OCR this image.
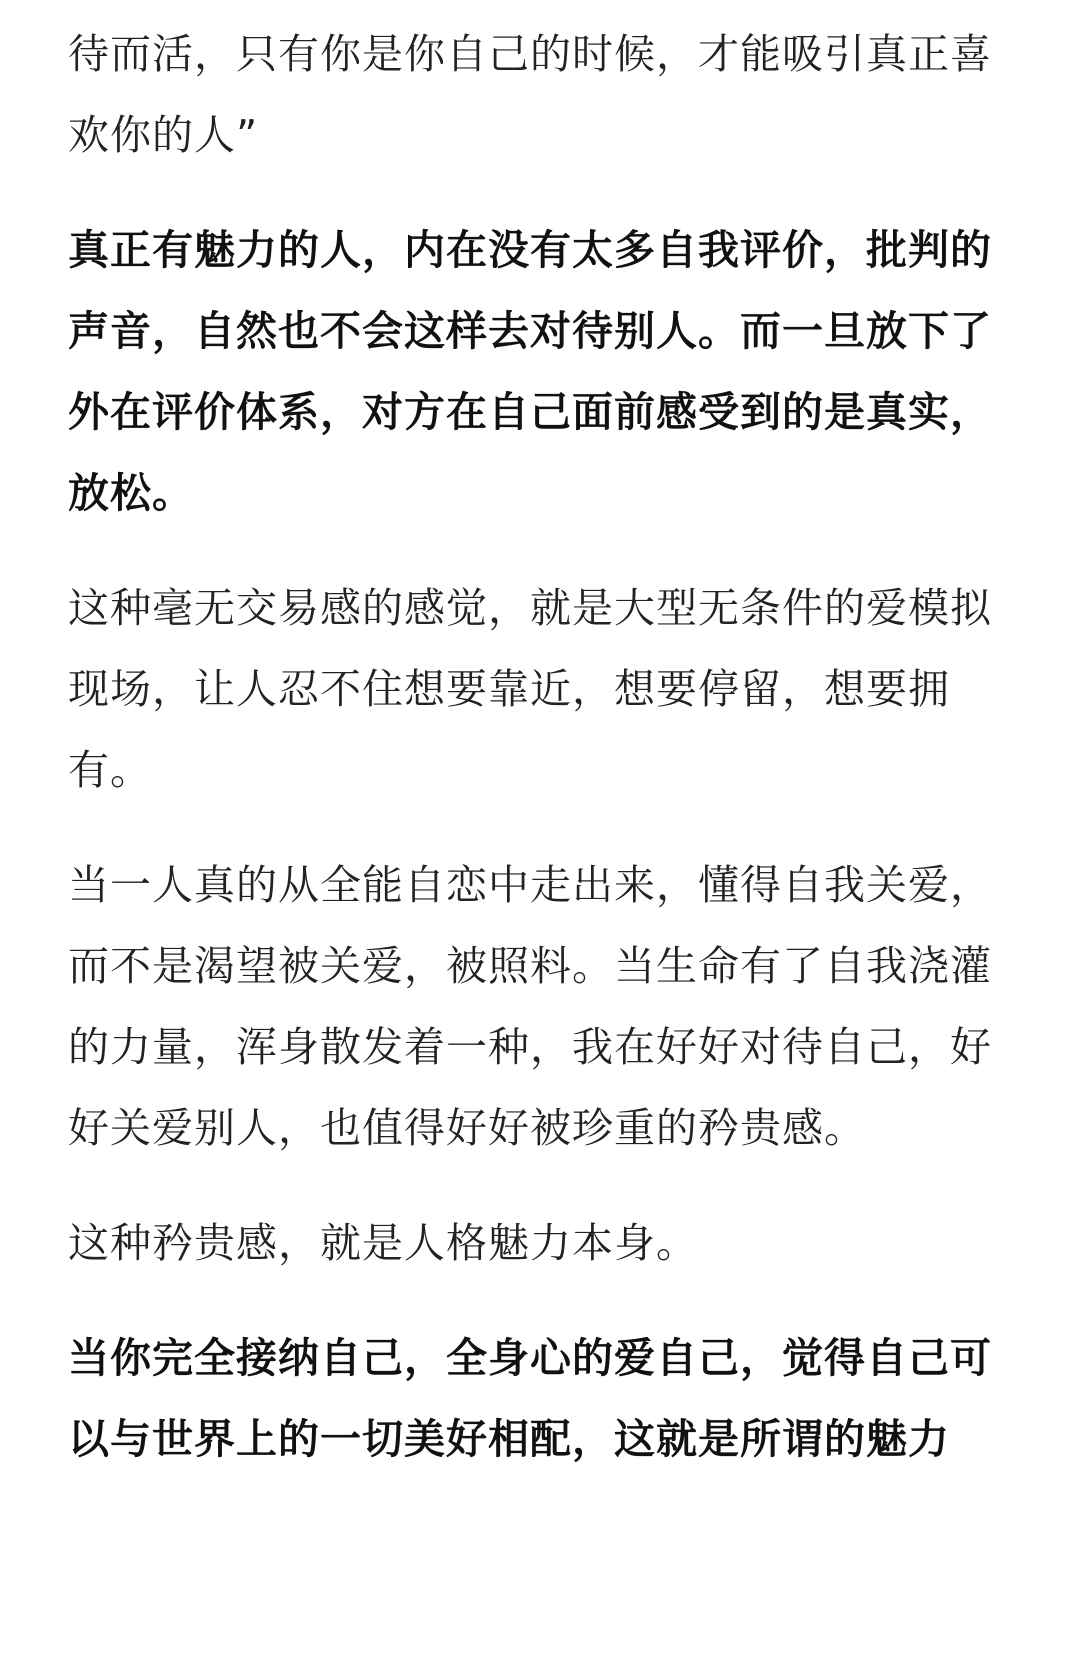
待而活，只有你是你自己的时候，才能吸引真正喜欢你的人”

真正有魅力的人，内在没有太多自我评价，批判的声音，自然也不会这样去对待别人。而一旦放下了外在评价体系，对方在自己面前感受到的是真实，放松。

这种毫无交易感的感觉，就是大型无条件的爱模拟现场，让人忍不住想要靠近，想要停留，想要拥有。

当一人真的从全能自恋中走出来，懂得自我关爱，而不是渴望被关爱，被照料。当生命有了自我浇灌的力量，浑身散发着一种，我在好好对待自己，好好关爱别人，也值得好好被珍重的矜贵感。

这种矜贵感，就是人格魅力本身。

当你完全接纳自己，全身心的爱自己，觉得自己可以与世界上的一切美好相配，这就是所谓的魅力
